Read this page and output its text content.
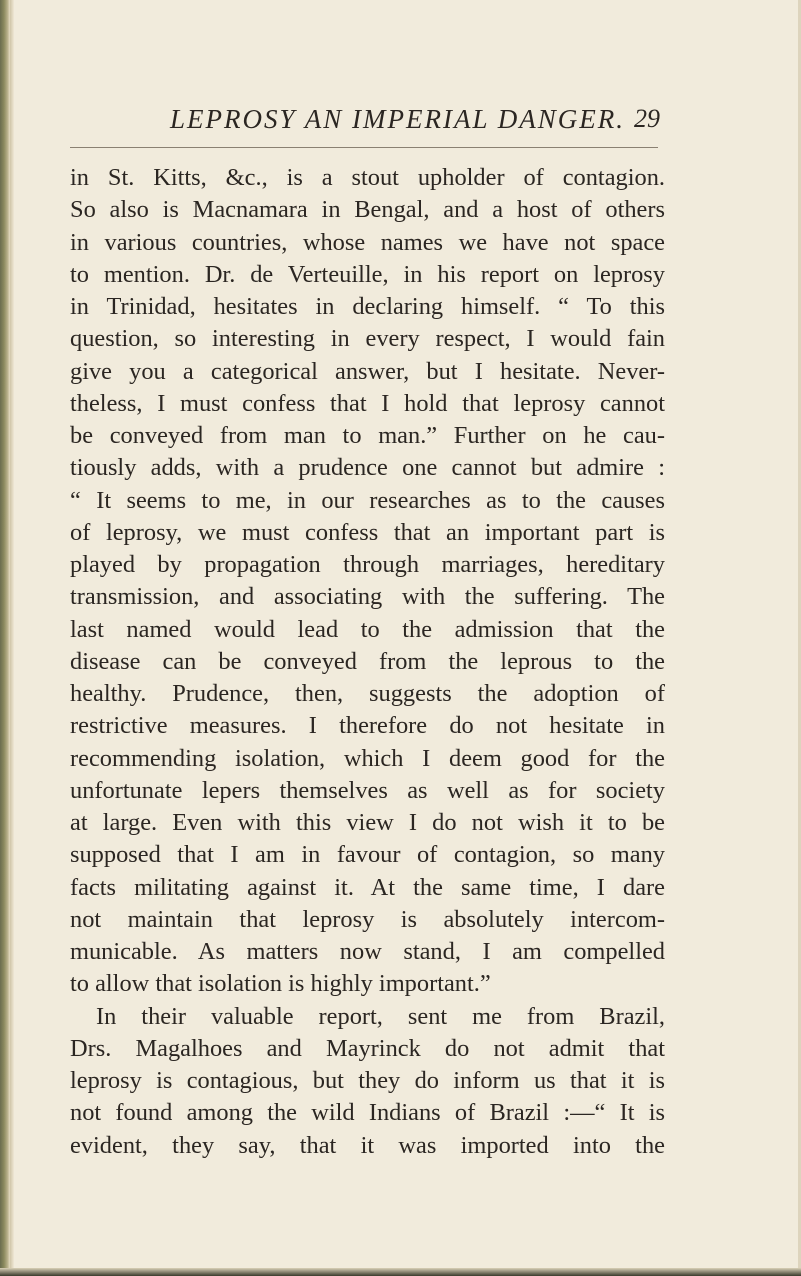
LEPROSY AN IMPERIAL DANGER. 29
in St. Kitts, &c., is a stout upholder of contagion.
So also is Macnamara in Bengal, and a host of others
in various countries, whose names we have not space
to mention. Dr. de Verteuille, in his report on leprosy
in Trinidad, hesitates in declaring himself. “ To this
question, so interesting in every respect, I would fain
give you a categorical answer, but I hesitate. Never-
theless, I must confess that I hold that leprosy cannot
be conveyed from man to man.” Further on he cau-
tiously adds, with a prudence one cannot but admire :
“ It seems to me, in our researches as to the causes
of leprosy, we must confess that an important part is
played by propagation through marriages, hereditary
transmission, and associating with the suffering. The
last named would lead to the admission that the
disease can be conveyed from the leprous to the
healthy. Prudence, then, suggests the adoption of
restrictive measures. I therefore do not hesitate in
recommending isolation, which I deem good for the
unfortunate lepers themselves as well as for society
at large. Even with this view I do not wish it to be
supposed that I am in favour of contagion, so many
facts militating against it. At the same time, I dare
not maintain that leprosy is absolutely intercom-
municable. As matters now stand, I am compelled
to allow that isolation is highly important.”
In their valuable report, sent me from Brazil,
Drs. Magalhoes and Mayrinck do not admit that
leprosy is contagious, but they do inform us that it is
not found among the wild Indians of Brazil :—“ It is
evident, they say, that it was imported into the
